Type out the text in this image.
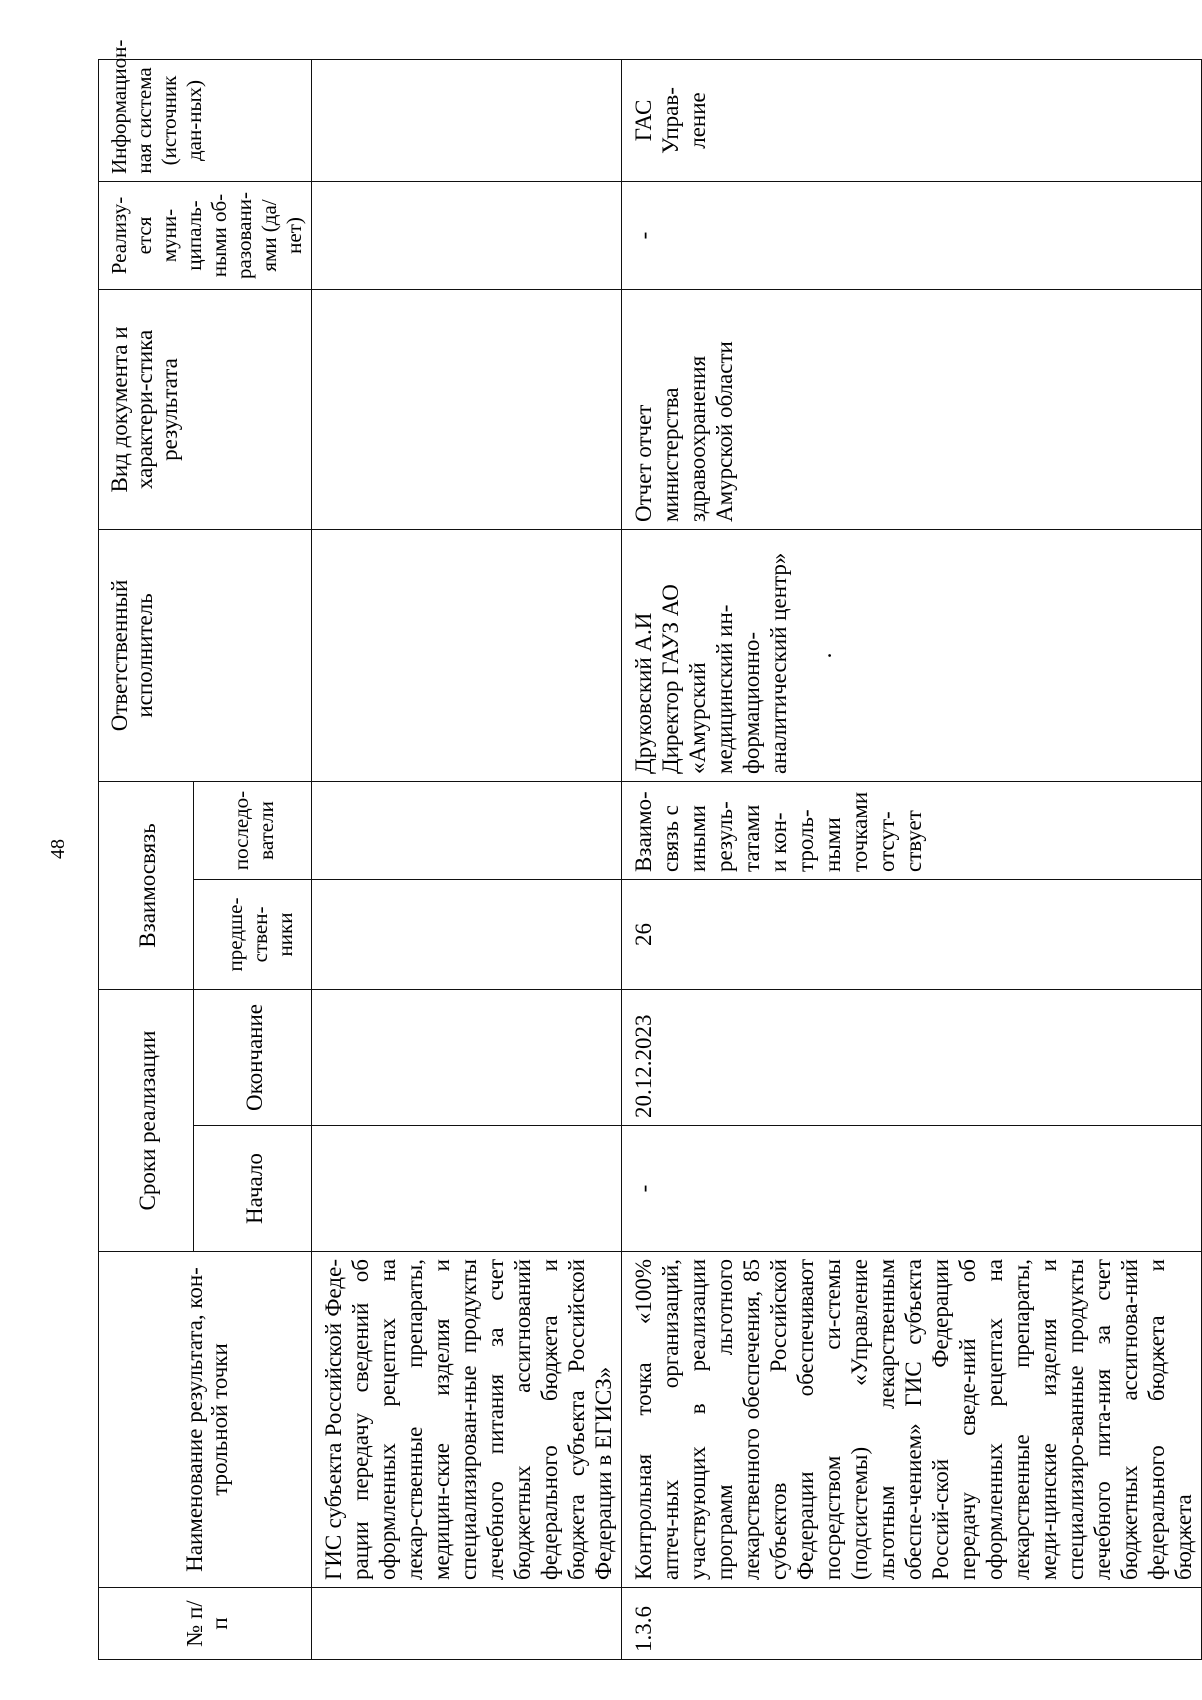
48
№ п/п	Наименование результата, кон-трольной точки	Сроки реализации		Взаимосвязь		Ответственный исполнитель	Вид документа и характери-стика результата	Реализу-ется муни-ципаль-ными об-разовани-ями (да/нет)	Информацион-ная система (источник дан-ных)
		Начало	Окончание	предше-ствен-ники	последо-ватели				
	ГИС субъекта Российской Феде-рации передачу сведений об оформленных рецептах на лекар-ственные препараты, медицин-ские изделия и специализирован-ные продукты лечебного питания за счет бюджетных ассигнований федерального бюджета и бюджета субъекта Российской Федерации в ЕГИСЗ»								
1.3.6	Контрольная точка «100% аптеч-ных организаций, участвующих в реализации программ льготного лекарственного обеспечения, 85 субъектов Российской Федерации обеспечивают посредством си-стемы (подсистемы) «Управление льготным лекарственным обеспе-чением» ГИС субъекта Россий-ской Федерации передачу сведе-ний об оформленных рецептах на лекарственные препараты, меди-цинские изделия и специализиро-ванные продукты лечебного пита-ния за счет бюджетных ассигнова-ний федерального бюджета и бюджета	-	20.12.2023	26	Взаимо-связь с иными резуль-татами и кон-троль-ными точками отсут-ствует	Друковский А.И Директор ГАУЗ АО «Амурский медицинский ин-формационно-аналитический центр» .	Отчет отчет министерства здравоохранения Амурской области	-	ГАС Управ-ление
